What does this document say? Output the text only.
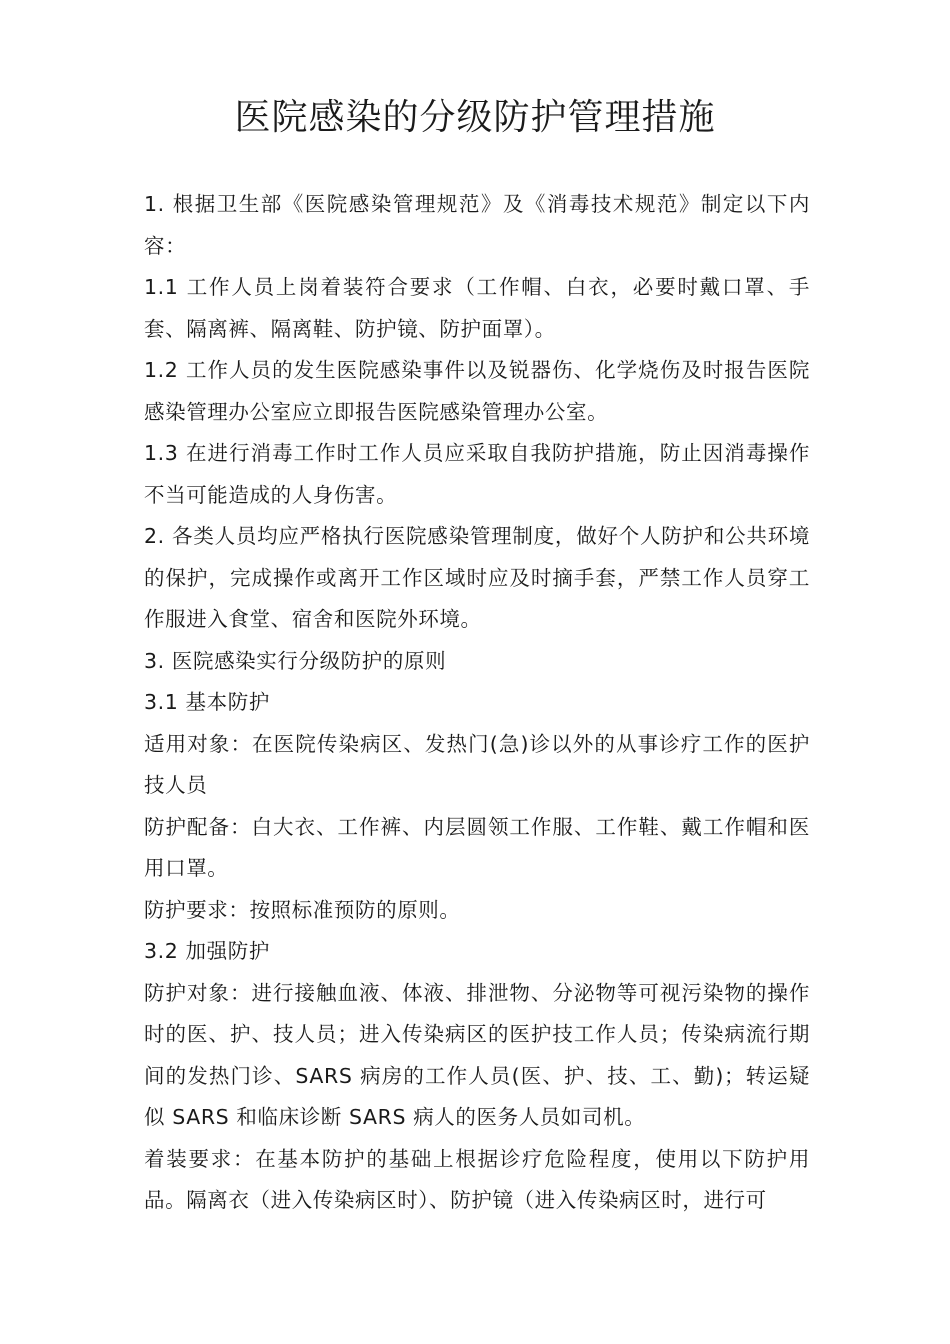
医院感染的分级防护管理措施

1. 根据卫生部《医院感染管理规范》及《消毒技术规范》制定以下内容：

1.1 工作人员上岗着装符合要求（工作帽、白衣，必要时戴口罩、手套、隔离裤、隔离鞋、防护镜、防护面罩）。

1.2 工作人员的发生医院感染事件以及锐器伤、化学烧伤及时报告医院感染管理办公室应立即报告医院感染管理办公室。

1.3 在进行消毒工作时工作人员应采取自我防护措施，防止因消毒操作不当可能造成的人身伤害。

2. 各类人员均应严格执行医院感染管理制度，做好个人防护和公共环境的保护，完成操作或离开工作区域时应及时摘手套，严禁工作人员穿工作服进入食堂、宿舍和医院外环境。

3. 医院感染实行分级防护的原则

3.1 基本防护

适用对象：在医院传染病区、发热门(急)诊以外的从事诊疗工作的医护技人员

防护配备：白大衣、工作裤、内层圆领工作服、工作鞋、戴工作帽和医用口罩。

防护要求：按照标准预防的原则。

3.2 加强防护

防护对象：进行接触血液、体液、排泄物、分泌物等可视污染物的操作时的医、护、技人员；进入传染病区的医护技工作人员；传染病流行期间的发热门诊、SARS 病房的工作人员(医、护、技、工、勤)；转运疑似 SARS 和临床诊断 SARS 病人的医务人员如司机。

着装要求：在基本防护的基础上根据诊疗危险程度，使用以下防护用品。隔离衣（进入传染病区时）、防护镜（进入传染病区时，进行可
